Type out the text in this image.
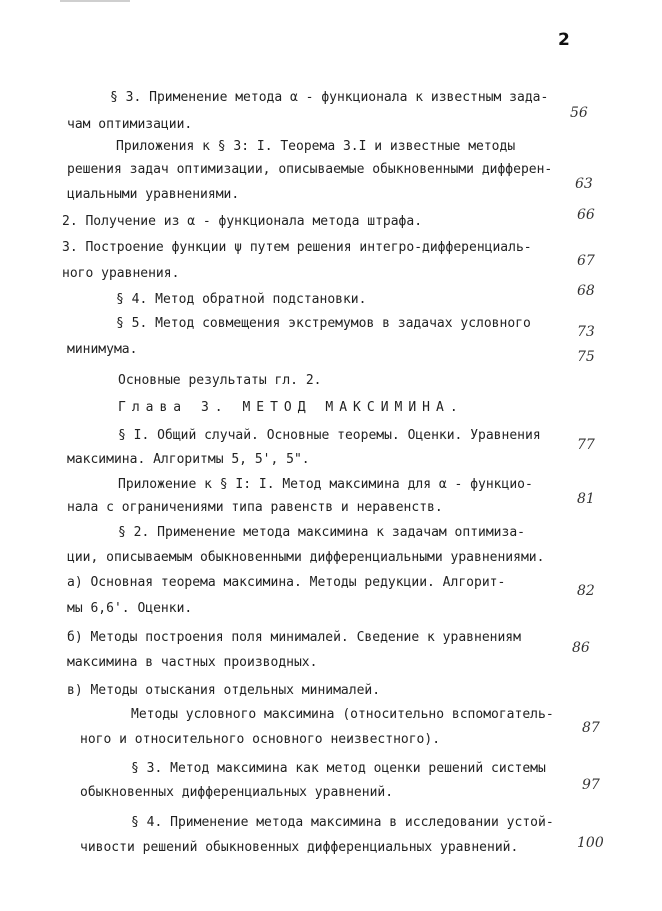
2
§ 3. Применение метода α - функционала к известным зада-
чам оптимизации.
Приложения к § 3: I. Теорема 3.I и известные методы
решения задач оптимизации, описываемые обыкновенными дифферен-
циальными уравнениями.
2. Получение из α - функционала метода штрафа.
3. Построение функции ψ путем решения интегро-дифференциаль-
ного уравнения.
§ 4. Метод обратной подстановки.
§ 5. Метод совмещения экстремумов в задачах условного
минимума.
Основные результаты гл. 2.
Глава 3. МЕТОД МАКСИМИНА.
§ I. Общий случай. Основные теоремы. Оценки. Уравнения
максимина. Алгоритмы 5, 5', 5".
Приложение к § I: I. Метод максимина для α - функцио-
нала с ограничениями типа равенств и неравенств.
§ 2. Применение метода максимина к задачам оптимиза-
ции, описываемым обыкновенными дифференциальными уравнениями.
а) Основная теорема максимина. Методы редукции. Алгорит-
мы 6,6'. Оценки.
б) Методы построения поля минималей. Сведение к уравнениям
максимина в частных производных.
в) Методы отыскания отдельных минималей.
Методы условного максимина (относительно вспомогатель-
ного и относительного основного неизвестного).
§ 3. Метод максимина как метод оценки решений системы
обыкновенных дифференциальных уравнений.
§ 4. Применение метода максимина в исследовании устой-
чивости решений обыкновенных дифференциальных уравнений.
56
63
66
67
68
73
75
77
81
82
86
87
97
100
